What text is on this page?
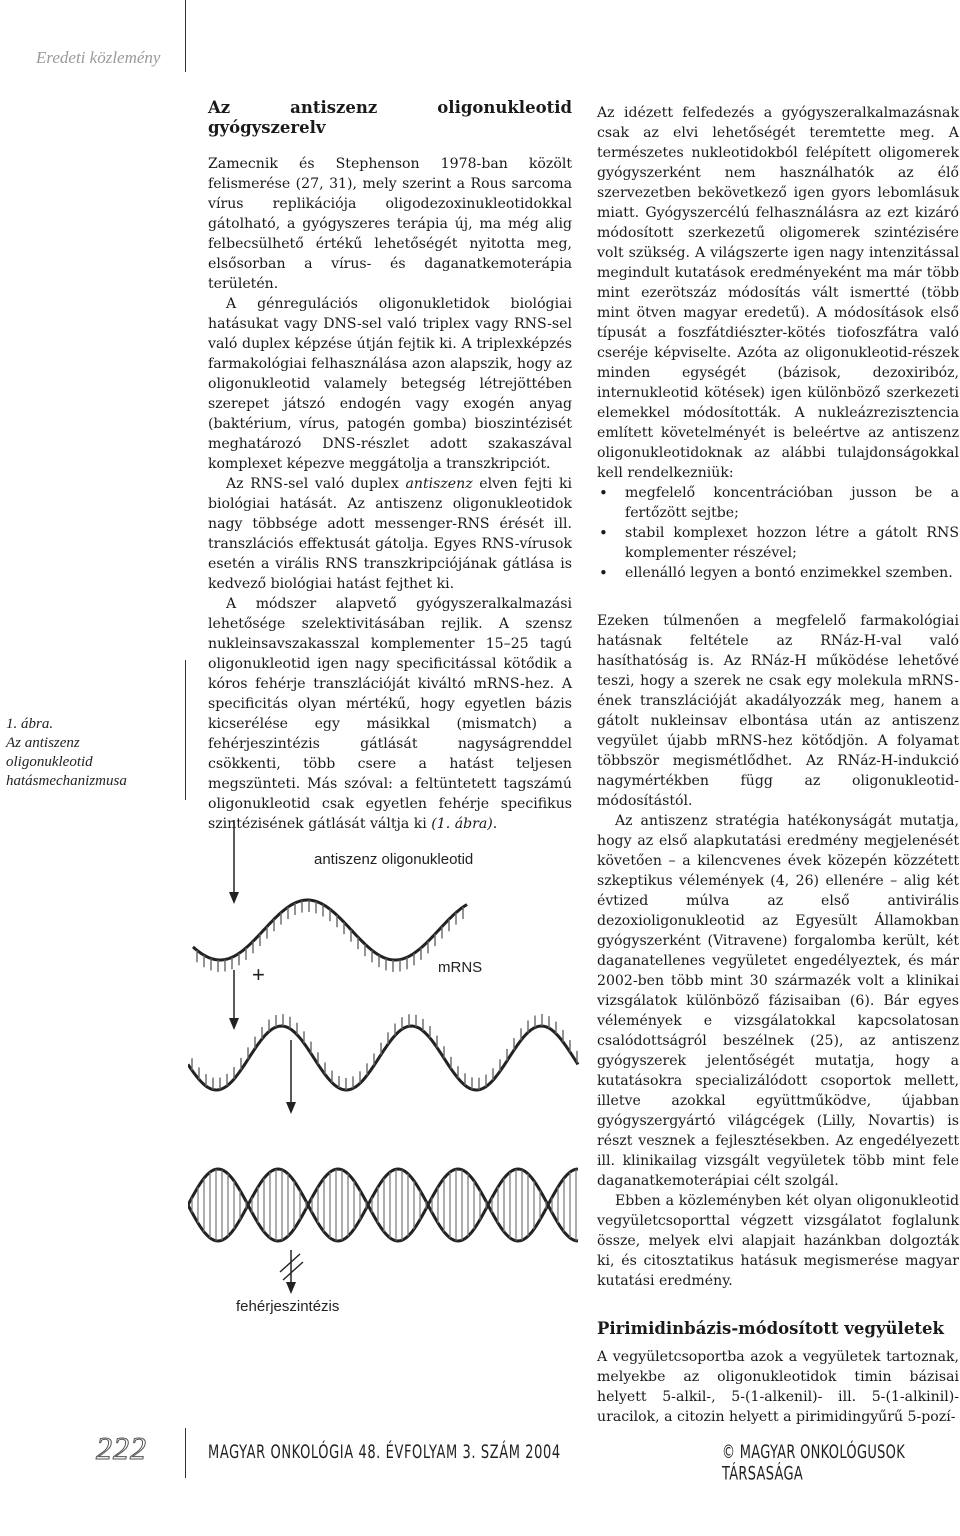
Eredeti közlemény
1. ábra.
Az antiszenz
oligonukleotid
hatásmechanizmusa
Az antiszenz oligonukleotid gyógyszerelv

Zamecnik és Stephenson 1978-ban közölt felismerése (27, 31), mely szerint a Rous sarcoma vírus replikációja oligodezoxinukleotidokkal gátolható, a gyógyszeres terápia új, ma még alig felbecsülhető értékű lehetőségét nyitotta meg, elsősorban a vírus- és daganatkemoterápia területén.

A génregulációs oligonukletidok biológiai hatásukat vagy DNS-sel való triplex vagy RNS-sel való duplex képzése útján fejtik ki. A triplexképzés farmakológiai felhasználása azon alapszik, hogy az oligonukleotid valamely betegség létrejöttében szerepet játszó endogén vagy exogén anyag (baktérium, vírus, patogén gomba) bioszintézisét meghatározó DNS-részlet adott szakaszával komplexet képezve meggátolja a transzkripciót.

Az RNS-sel való duplex antiszenz elven fejti ki biológiai hatását. Az antiszenz oligonukleotidok nagy többsége adott messenger-RNS érését ill. transzlációs effektusát gátolja. Egyes RNS-vírusok esetén a virális RNS transzkripciójának gátlása is kedvező biológiai hatást fejthet ki.

A módszer alapvető gyógyszeralkalmazási lehetősége szelektivitásában rejlik. A szensz nukleinsavszakasszal komplementer 15–25 tagú oligonukleotid igen nagy specificitással kötődik a kóros fehérje transzlációját kiváltó mRNS-hez. A specificitás olyan mértékű, hogy egyetlen bázis kicserélése egy másikkal (mismatch) a fehérjeszintézis gátlását nagyságrenddel csökkenti, több csere a hatást teljesen megszünteti. Más szóval: a feltüntetett tagszámú oligonukleotid csak egyetlen fehérje specifikus szintézisének gátlását váltja ki (1. ábra).

Az idézett felfedezés a gyógyszeralkalmazásnak csak az elvi lehetőségét teremtette meg. A természetes nukleotidokból felépített oligomerek gyógyszerként nem használhatók az élő szervezetben bekövetkező igen gyors lebomlásuk miatt. Gyógyszercélú felhasználásra az ezt kizáró módosított szerkezetű oligomerek szintézisére volt szükség. A világszerte igen nagy intenzitással megindult kutatások eredményeként ma már több mint ezerötszáz módosítás vált ismertté (több mint ötven magyar eredetű). A módosítások első típusát a foszfátdiészter-kötés tiofoszfátra való cseréje képviselte. Azóta az oligonukleotid-részek minden egységét (bázisok, dezoxiribóz, internukleotid kötések) igen különböző szerkezeti elemekkel módosították. A nukleázrezisztencia említett követelményét is beleértve az antiszenz oligonukleotidoknak az alábbi tulajdonságokkal kell rendelkezniük:

• megfelelő koncentrációban jusson be a fertőzött sejtbe;
• stabil komplexet hozzon létre a gátolt RNS komplementer részével;
• ellenálló legyen a bontó enzimekkel szemben.

Ezeken túlmenően a megfelelő farmakológiai hatásnak feltétele az RNáz-H-val való hasíthatóság is. Az RNáz-H működése lehetővé teszi, hogy a szerek ne csak egy molekula mRNS-ének transzlációját akadályozzák meg, hanem a gátolt nukleinsav elbontása után az antiszenz vegyület újabb mRNS-hez kötődjön. A folyamat többször megismétlődhet. Az RNáz-H-indukció nagymértékben függ az oligonukleotid-módosítástól.

Az antiszenz stratégia hatékonyságát mutatja, hogy az első alapkutatási eredmény megjelenését követően – a kilencvenes évek közepén közzétett szkeptikus vélemények (4, 26) ellenére – alig két évtized múlva az első antivirális dezoxioligonukleotid az Egyesült Államokban gyógyszerként (Vitravene) forgalomba került, két daganatellenes vegyületet engedélyeztek, és már 2002-ben több mint 30 származék volt a klinikai vizsgálatok különböző fázisaiban (6). Bár egyes vélemények e vizsgálatokkal kapcsolatosan csalódottságról beszélnek (25), az antiszenz gyógyszerek jelentőségét mutatja, hogy a kutatásokra specializálódott csoportok mellett, illetve azokkal együttműködve, újabban gyógyszergyártó világcégek (Lilly, Novartis) is részt vesznek a fejlesztésekben. Az engedélyezett ill. klinikailag vizsgált vegyületek több mint fele daganatkemoterápiai célt szolgál.

Ebben a közleményben két olyan oligonukleotid vegyületcsoporttal végzett vizsgálatot foglalunk össze, melyek elvi alapjait hazánkban dolgozták ki, és citosztatikus hatásuk megismerése magyar kutatási eredmény.

Pirimidinbázis-módosított vegyületek

A vegyületcsoportba azok a vegyületek tartoznak, melyekbe az oligonukleotidok timin bázisai helyett 5-alkil-, 5-(1-alkenil)- ill. 5-(1-alkinil)-uracilok, a citozin helyett a pirimidingyűrű 5-pozí-

antiszenz oligonukleotid
+	mRNS
fehérjeszintézis
222	MAGYAR ONKOLÓGIA 48. ÉVFOLYAM 3. SZÁM 2004	© MAGYAR ONKOLÓGUSOK TÁRSASÁGA
